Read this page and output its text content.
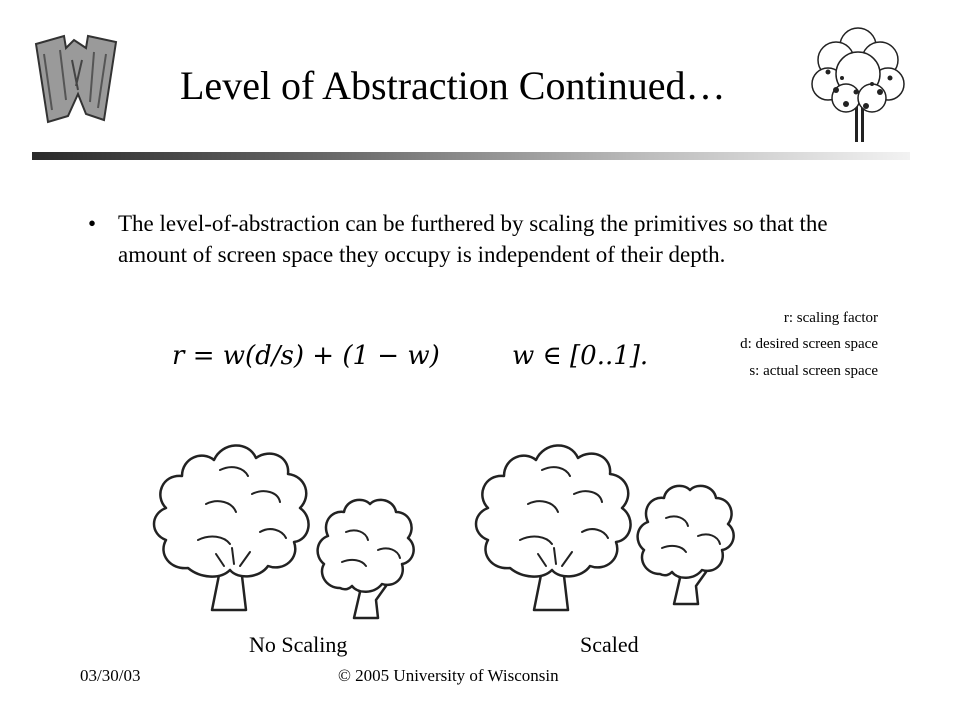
Level of Abstraction Continued…
• The level-of-abstraction can be furthered by scaling the primitives so that the amount of screen space they occupy is independent of their depth.
r: scaling factor
d: desired screen space
s: actual screen space
r = w(d/s) + (1 − w)	w ∈ [0..1].
No Scaling	Scaled
03/30/03	© 2005 University of Wisconsin
